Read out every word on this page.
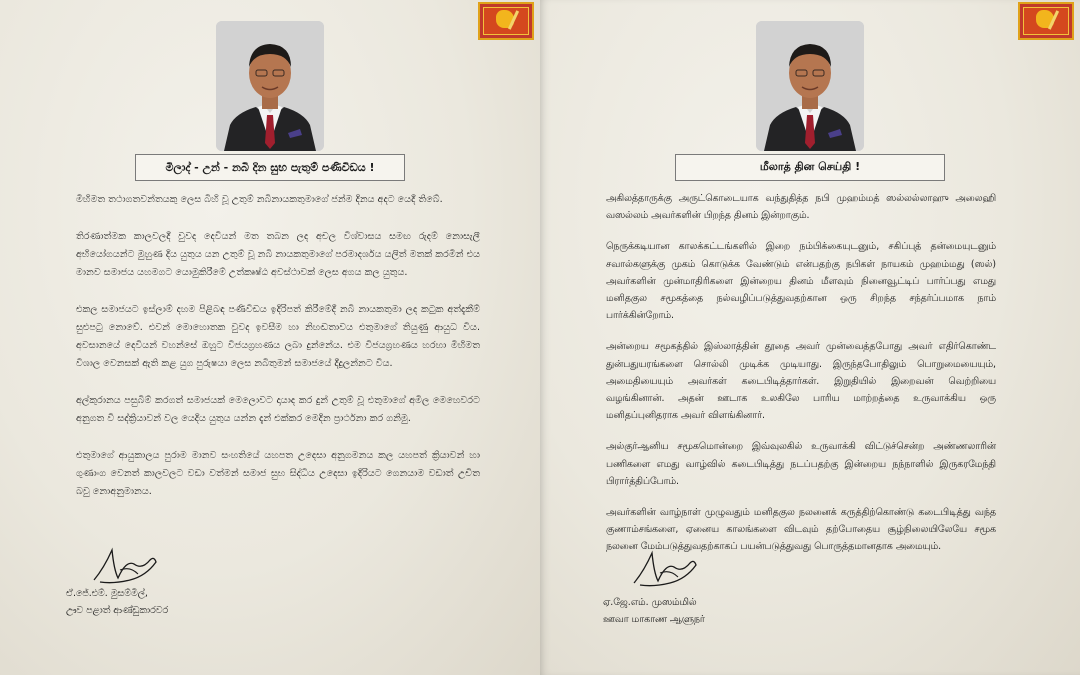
මිලාද් - උන් - නබි දින සුභ පැතුම් පණිවිඩය !

මිහිමත තථාගතවන්තයකු ලෙස බිහි වූ උතුම් නබිනායකතුමාගේ ජන්ම දිනය අදට යෙදී තිබේ.

තිරණාත්මක කාලවලදී වුවද දෙවියන් මත තබන ලද අචල විශ්වාසය සමඟ රුදම් නොසැලී අභියෝගයන්ට මුහුණ දිය යුතුය යන උතුම් වූ නබි නායකතුමාගේ පරමාදර්ශය යලිත් මතක් කරමින් එය මානව සමාජය යහමගට යොමුකිරීමේ උත්කෘෂ්ඨ අවස්ථාවක් ලෙස අගය කල යුතුය.

එකල සමාජයට ඉස්ලාම් දහම පිළිබඳ පණිවිඩය ඉදිරිපත් කිරීමේදී නබි නායකතුමා ලද කටුක අත්දැකීම් සුළුපටු නොවේ. එවන් මොහොතක වුවද ඉවසීම හා නිහඬතාවය එතුමාගේ තියුණු ආයුධ විය. අවසානයේ දෙවියන් වහන්සේ ඔහුට විජයග්‍රහණය ලබා දුන්නේය. එම විජයග්‍රහණය හරහා මිහිමත විශාල වෙනසක් ඇති කළ යුග පුරුෂයා ලෙස නබිතුමන් සමාජයේ දීදුලන්නට විය.

අල්කුරානය පසුබිම් කරගත් සමාජයක් මෙලොවට දායාද කර දුන් උතුම් වූ එතුමාගේ අමිල මෙහෙවරට අනුගත වී සද්ක්‍රියාවන් වල යෙදිය යුතුය යන්න දැන් එක්කර මෙදින ප්‍රාර්ථනා කර ගනිමු.

එතුමාගේ ආයුකාලය පුරාම මානව සංහතියේ යහපත උදෙසා අනුගමනය කල යහපත් ක්‍රියාවන් හා ගුණාංග වෙනත් කාලවලට වඩා වත්මන් සමාජ සුභ සිද්ධිය උදෙසා ඉදිරියට ගෙනයාම වඩාත් උචිත බවු නොඅනුමානය.

ඒ.ජේ.එම්. මුසම්මිල්,
ඌව පළාත් ආණ්ඩුකාරවර
மீலாத் தின செய்தி !

அகிலத்தாருக்கு அருட்கொடையாக வந்துதித்த நபி முஹம்மத் ஸல்லல்லாஹு அலைஹி வஸல்லம் அவர்களின் பிறந்த தினம் இன்றாகும்.

நெருக்கடியான காலக்கட்டங்களில் இறை நம்பிக்கையுடனும், சகிப்புத் தன்மையுடனும் சவால்களுக்கு முகம் கொடுக்க வேண்டும் என்பதற்கு நபிகள் நாயகம் முஹம்மது (ஸல்) அவர்களின் முன்மாதிரிகளை இன்றைய தினம் மீளவும் நினைவூட்டிப் பார்ப்பது எமது மனிதகுல சமூகத்தை நல்வழிப்படுத்துவதற்கான ஒரு சிறந்த சந்தர்ப்பமாக நாம் பார்க்கின்றோம்.

அன்றைய சமூகத்தில் இஸ்லாத்தின் தூதை அவர் முன்வைத்தபோது அவர் எதிர்கொண்ட துன்பதுயரங்களை சொல்லி முடிக்க முடியாது. இருந்தபோதிலும் பொறுமையையும், அமைதியையும் அவர்கள் கடைபிடித்தார்கள். இறுதியில் இறைவன் வெற்றியை வழங்கினான். அதன் ஊடாக உலகிலே பாரிய மாற்றத்தை உருவாக்கிய ஒரு மனிதப்புனிதராக அவர் விளங்கினார்.

அல்குர்ஆனிய சமூகமொன்றை இவ்வுலகில் உருவாக்கி விட்டுச்சென்ற அண்ணலாரின் பணிகளை எமது வாழ்வில் கடைபிடித்து நடப்பதற்கு இன்றைய நந்நாளில் இருகரமேந்தி பிரார்த்திப்போம்.

அவர்களின் வாழ்நாள் முழுவதும் மனிதகுல நலனைக் கருத்திற்கொண்டு கடைபிடித்து வந்த குணாம்சங்களை, ஏனைய காலங்களை விடவும் தற்போதைய சூழ்நிலையிலேயே சமூக நலனை மேம்படுத்துவதற்காகப் பயன்படுத்துவது பொருத்தமானதாக அமையும்.

ஏ.ஜே.எம். முஸம்மில்
ஊவா மாகாண ஆளுநர்
